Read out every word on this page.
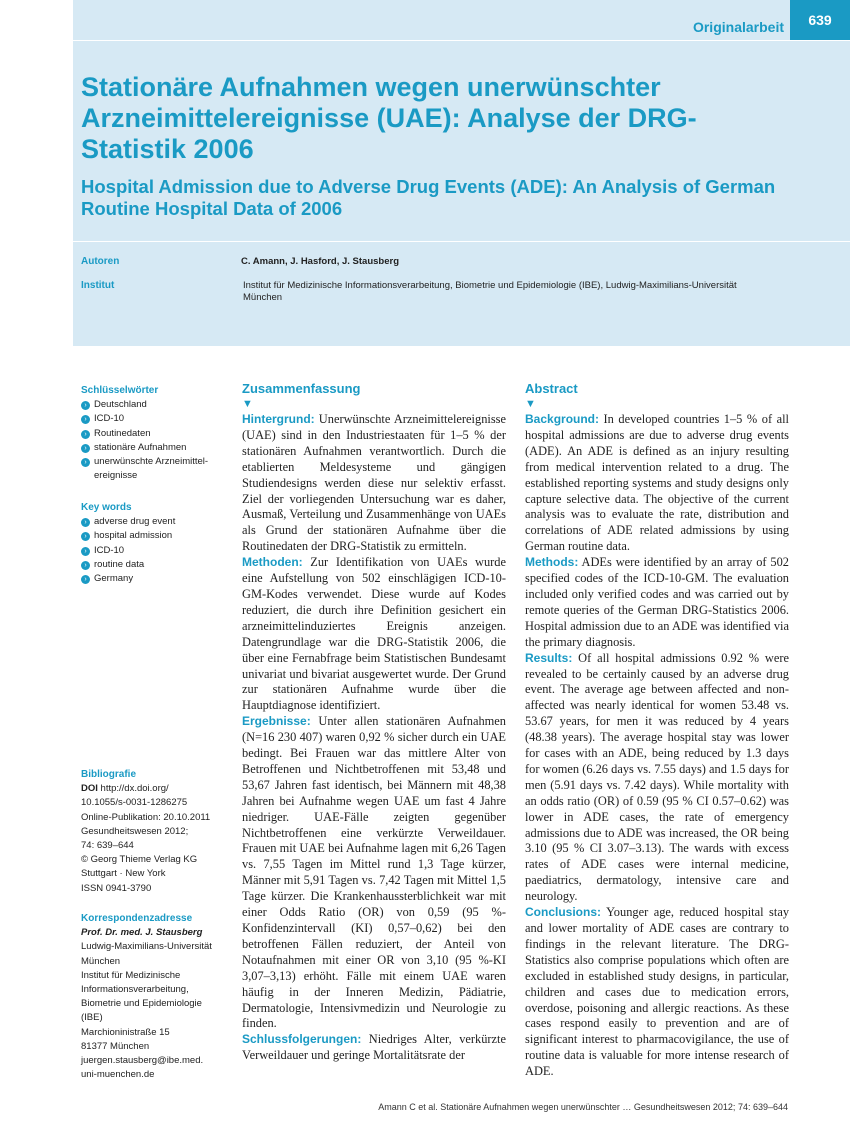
Originalarbeit	639
Stationäre Aufnahmen wegen unerwünschter Arzneimittelereignisse (UAE): Analyse der DRG-Statistik 2006
Hospital Admission due to Adverse Drug Events (ADE): An Analysis of German Routine Hospital Data of 2006
Autoren	C. Amann, J. Hasford, J. Stausberg
Institut	Institut für Medizinische Informationsverarbeitung, Biometrie und Epidemiologie (IBE), Ludwig-Maximilians-Universität
München
Schlüsselwörter
› Deutschland
› ICD-10
› Routinedaten
› stationäre Aufnahmen
› unerwünschte Arzneimittel-ereignisse
Key words
› adverse drug event
› hospital admission
› ICD-10
› routine data
› Germany
Bibliografie
DOI http://dx.doi.org/
10.1055/s-0031-1286275
Online-Publikation: 20.10.2011
Gesundheitswesen 2012;
74: 639–644
© Georg Thieme Verlag KG
Stuttgart · New York
ISSN 0941-3790
Korrespondenzadresse
Prof. Dr. med. J. Stausberg
Ludwig-Maximilians-Universität
München
Institut für Medizinische
Informationsverarbeitung,
Biometrie und Epidemiologie
(IBE)
Marchioninistraße 15
81377 München
juergen.stausberg@ibe.med.
uni-muenchen.de
Zusammenfassung
▼

Hintergrund: Unerwünschte Arzneimittelereignisse (UAE) sind in den Industriestaaten für 1–5 % der stationären Aufnahmen verantwortlich. Durch die etablierten Meldesysteme und gängigen Studiendesigns werden diese nur selektiv erfasst. Ziel der vorliegenden Untersuchung war es daher, Ausmaß, Verteilung und Zusammenhänge von UAEs als Grund der stationären Aufnahme über die Routinedaten der DRG-Statistik zu ermitteln.

Methoden: Zur Identifikation von UAEs wurde eine Aufstellung von 502 einschlägigen ICD-10-GM-Kodes verwendet. Diese wurde auf Kodes reduziert, die durch ihre Definition gesichert ein arzneimittelinduziertes Ereignis anzeigen. Datengrundlage war die DRG-Statistik 2006, die über eine Fernabfrage beim Statistischen Bundesamt univariat und bivariat ausgewertet wurde. Der Grund zur stationären Aufnahme wurde über die Hauptdiagnose identifiziert.

Ergebnisse: Unter allen stationären Aufnahmen (N=16 230 407) waren 0,92 % sicher durch ein UAE bedingt. Bei Frauen war das mittlere Alter von Betroffenen und Nichtbetroffenen mit 53,48 und 53,67 Jahren fast identisch, bei Männern mit 48,38 Jahren bei Aufnahme wegen UAE um fast 4 Jahre niedriger. UAE-Fälle zeigten gegenüber Nichtbetroffenen eine verkürzte Verweildauer. Frauen mit UAE bei Aufnahme lagen mit 6,26 Tagen vs. 7,55 Tagen im Mittel rund 1,3 Tage kürzer, Männer mit 5,91 Tagen vs. 7,42 Tagen mit Mittel 1,5 Tage kürzer. Die Krankenhaussterblichkeit war mit einer Odds Ratio (OR) von 0,59 (95 %-Konfidenzintervall (KI) 0,57–0,62) bei den betroffenen Fällen reduziert, der Anteil von Notaufnahmen mit einer OR von 3,10 (95 %-KI 3,07–3,13) erhöht. Fälle mit einem UAE waren häufig in der Inneren Medizin, Pädiatrie, Dermatologie, Intensivmedizin und Neurologie zu finden.

Schlussfolgerungen: Niedriges Alter, verkürzte Verweildauer und geringe Mortalitätsrate der

Abstract
▼

Background: In developed countries 1–5 % of all hospital admissions are due to adverse drug events (ADE). An ADE is defined as an injury resulting from medical intervention related to a drug. The established reporting systems and study designs only capture selective data. The objective of the current analysis was to evaluate the rate, distribution and correlations of ADE related admissions by using German routine data.

Methods: ADEs were identified by an array of 502 specified codes of the ICD-10-GM. The evaluation included only verified codes and was carried out by remote queries of the German DRG-Statistics 2006. Hospital admission due to an ADE was identified via the primary diagnosis.

Results: Of all hospital admissions 0.92 % were revealed to be certainly caused by an adverse drug event. The average age between affected and non-affected was nearly identical for women 53.48 vs. 53.67 years, for men it was reduced by 4 years (48.38 years). The average hospital stay was lower for cases with an ADE, being reduced by 1.3 days for women (6.26 days vs. 7.55 days) and 1.5 days for men (5.91 days vs. 7.42 days). While mortality with an odds ratio (OR) of 0.59 (95 % CI 0.57–0.62) was lower in ADE cases, the rate of emergency admissions due to ADE was increased, the OR being 3.10 (95 % CI 3.07–3.13). The wards with excess rates of ADE cases were internal medicine, paediatrics, dermatology, intensive care and neurology.

Conclusions: Younger age, reduced hospital stay and lower mortality of ADE cases are contrary to findings in the relevant literature. The DRG-Statistics also comprise populations which often are excluded in established study designs, in particular, children and cases due to medication errors, overdose, poisoning and allergic reactions. As these cases respond easily to prevention and are of significant interest to pharmacovigilance, the use of routine data is valuable for more intense research of ADE.

Amann C et al. Stationäre Aufnahmen wegen unerwünschter … Gesundheitswesen 2012; 74: 639–644
